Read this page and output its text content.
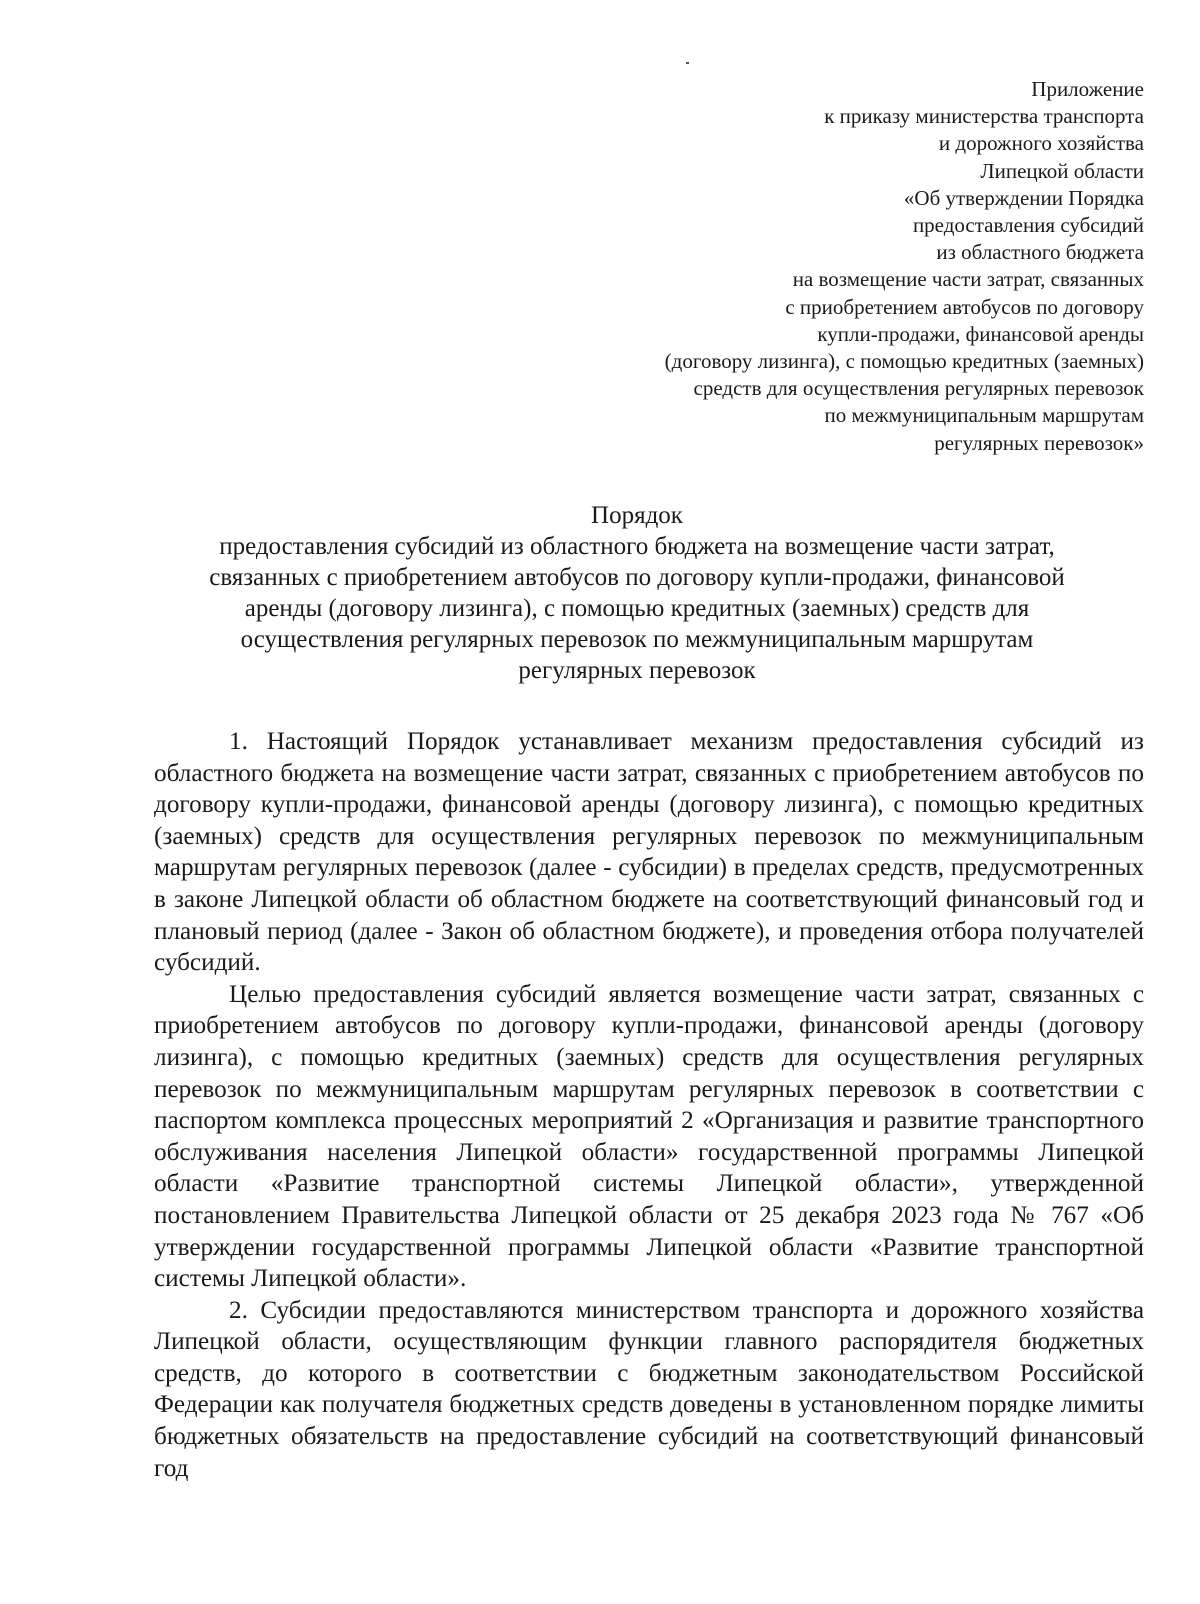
Приложение
к приказу министерства транспорта
и дорожного хозяйства
Липецкой области
«Об утверждении Порядка
предоставления субсидий
из областного бюджета
на возмещение части затрат, связанных
с приобретением автобусов по договору
купли-продажи, финансовой аренды
(договору лизинга), с помощью кредитных (заемных)
средств для осуществления регулярных перевозок
по межмуниципальным маршрутам
регулярных перевозок»
Порядок
предоставления субсидий из областного бюджета на возмещение части затрат,
связанных с приобретением автобусов по договору купли-продажи, финансовой
аренды (договору лизинга), с помощью кредитных (заемных) средств для
осуществления регулярных перевозок по межмуниципальным маршрутам
регулярных перевозок

1. Настоящий Порядок устанавливает механизм предоставления субсидий из областного бюджета на возмещение части затрат, связанных с приобретением автобусов по договору купли-продажи, финансовой аренды (договору лизинга), с помощью кредитных (заемных) средств для осуществления регулярных перевозок по межмуниципальным маршрутам регулярных перевозок (далее - субсидии) в пределах средств, предусмотренных в законе Липецкой области об областном бюджете на соответствующий финансовый год и плановый период (далее - Закон об областном бюджете), и проведения отбора получателей субсидий.

Целью предоставления субсидий является возмещение части затрат, связанных с приобретением автобусов по договору купли-продажи, финансовой аренды (договору лизинга), с помощью кредитных (заемных) средств для осуществления регулярных перевозок по межмуниципальным маршрутам регулярных перевозок в соответствии с паспортом комплекса процессных мероприятий 2 «Организация и развитие транспортного обслуживания населения Липецкой области» государственной программы Липецкой области «Развитие транспортной системы Липецкой области», утвержденной постановлением Правительства Липецкой области от 25 декабря 2023 года № 767 «Об утверждении государственной программы Липецкой области «Развитие транспортной системы Липецкой области».

2. Субсидии предоставляются министерством транспорта и дорожного хозяйства Липецкой области, осуществляющим функции главного распорядителя бюджетных средств, до которого в соответствии с бюджетным законодательством Российской Федерации как получателя бюджетных средств доведены в установленном порядке лимиты бюджетных обязательств на предоставление субсидий на соответствующий финансовый год
